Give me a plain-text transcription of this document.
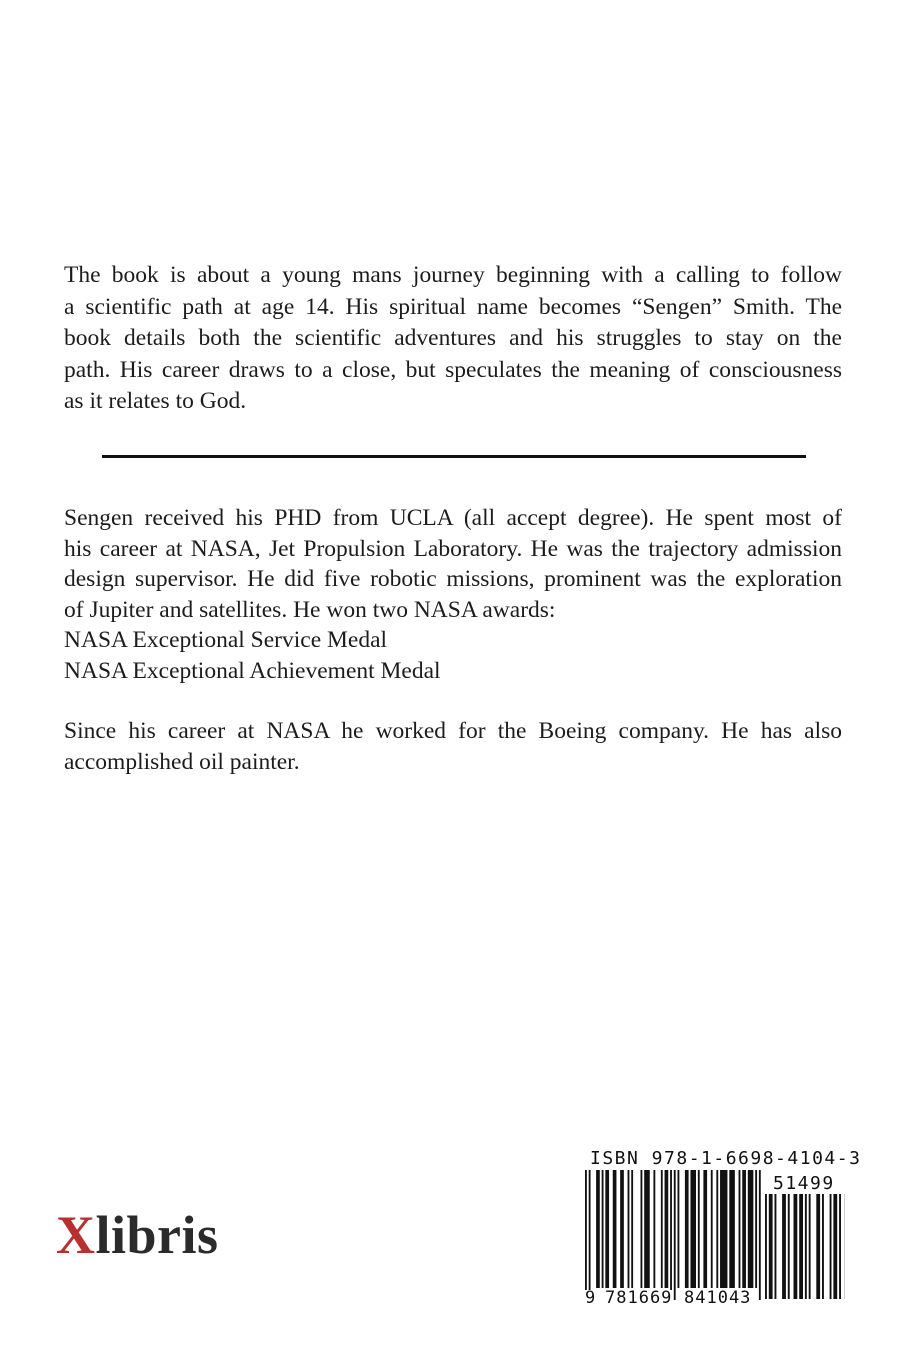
The book is about a young mans journey beginning with a calling to follow
a scientific path at age 14. His spiritual name becomes “Sengen” Smith. The
book details both the scientific adventures and his struggles to stay on the
path. His career draws to a close, but speculates the meaning of consciousness
as it relates to God.
Sengen received his PHD from UCLA (all accept degree). He spent most of
his career at NASA, Jet Propulsion Laboratory. He was the trajectory admission
design supervisor. He did five robotic missions, prominent was the exploration
of Jupiter and satellites. He won two NASA awards:
NASA Exceptional Service Medal
NASA Exceptional Achievement Medal
Since his career at NASA he worked for the Boeing company. He has also
accomplished oil painter.
Xlibris
ISBN 978-1-6698-4104-3
51499
9 781669 841043
